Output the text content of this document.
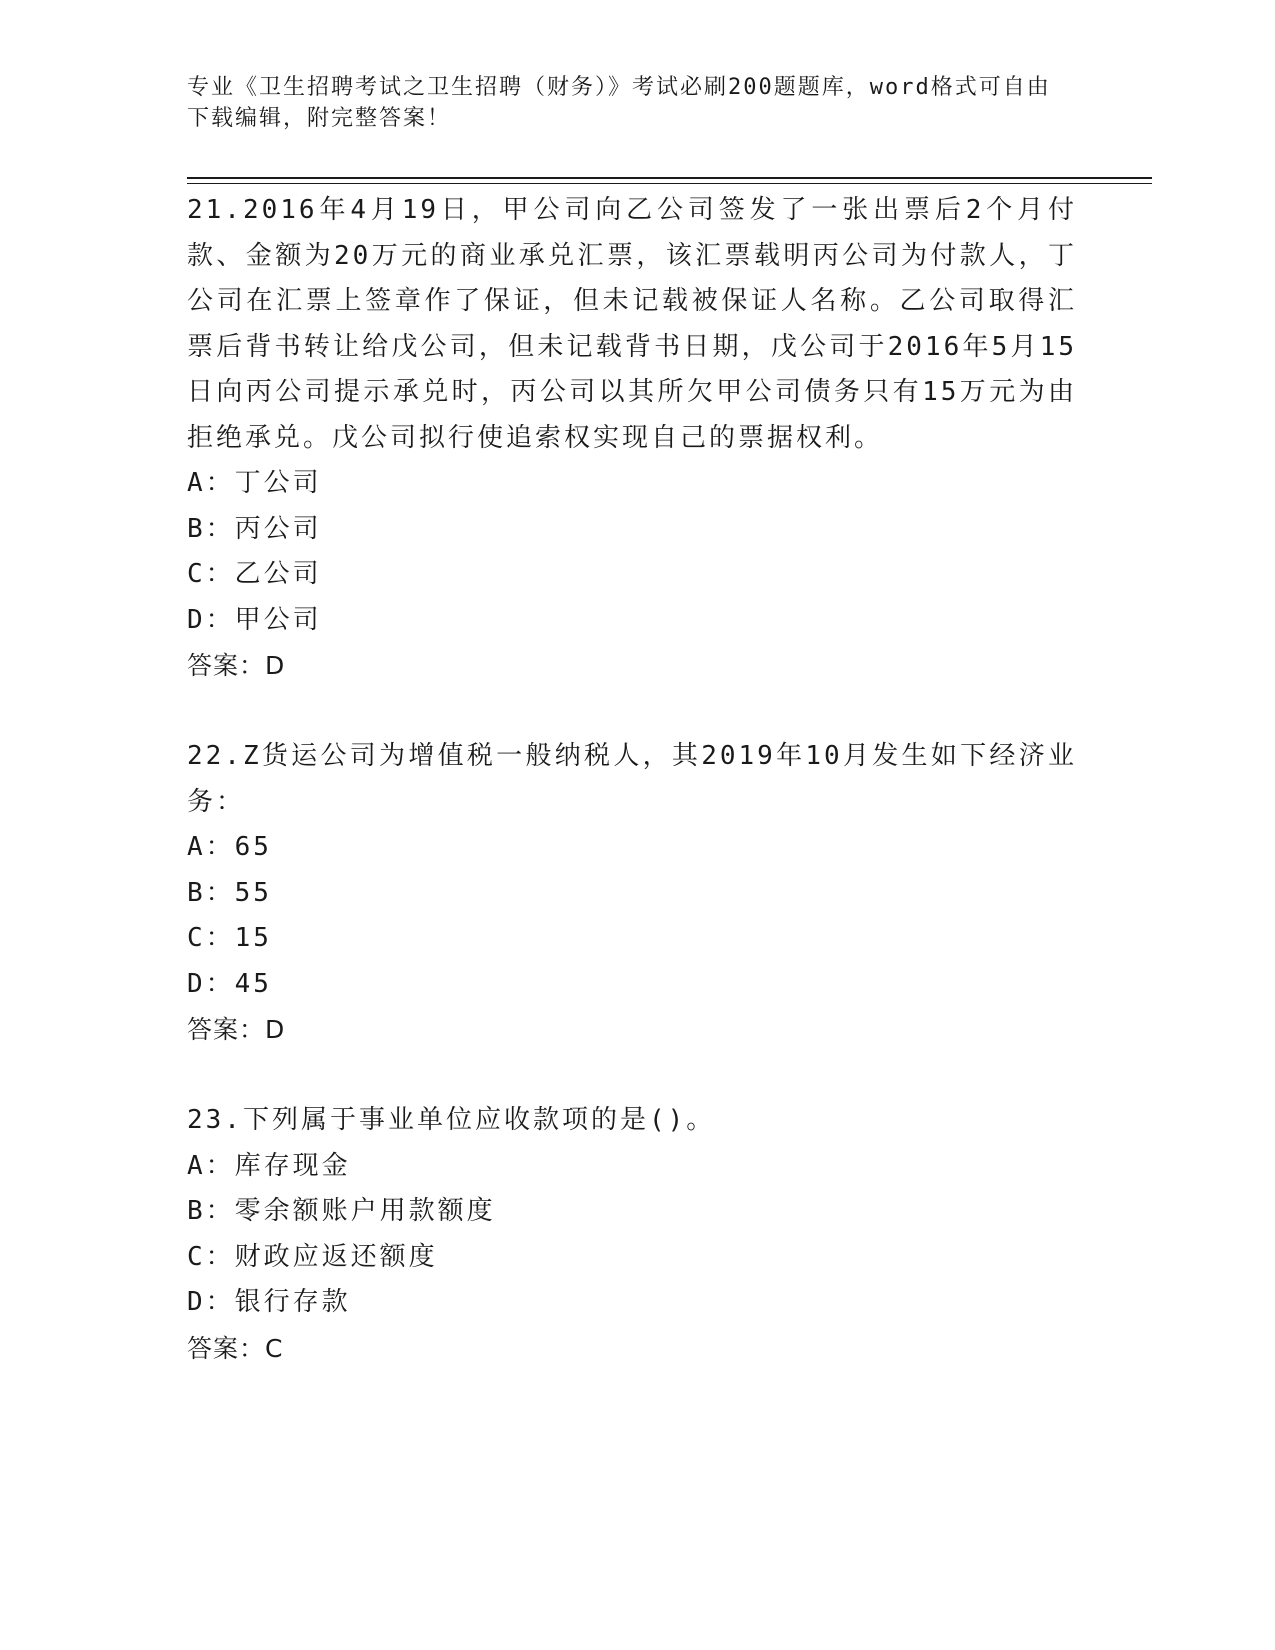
专业《卫生招聘考试之卫生招聘（财务）》考试必刷200题题库，word格式可自由下载编辑，附完整答案！

21.2016年4月19日，甲公司向乙公司签发了一张出票后2个月付款、金额为20万元的商业承兑汇票，该汇票载明丙公司为付款人，丁公司在汇票上签章作了保证，但未记载被保证人名称。乙公司取得汇票后背书转让给戊公司，但未记载背书日期，戊公司于2016年5月15日向丙公司提示承兑时，丙公司以其所欠甲公司债务只有15万元为由拒绝承兑。戊公司拟行使追索权实现自己的票据权利。

A：丁公司

B：丙公司

C：乙公司

D：甲公司

答案：D

22.Z货运公司为增值税一般纳税人，其2019年10月发生如下经济业务：

A：65

B：55

C：15

D：45

答案：D

23.下列属于事业单位应收款项的是()。

A：库存现金

B：零余额账户用款额度

C：财政应返还额度

D：银行存款

答案：C
